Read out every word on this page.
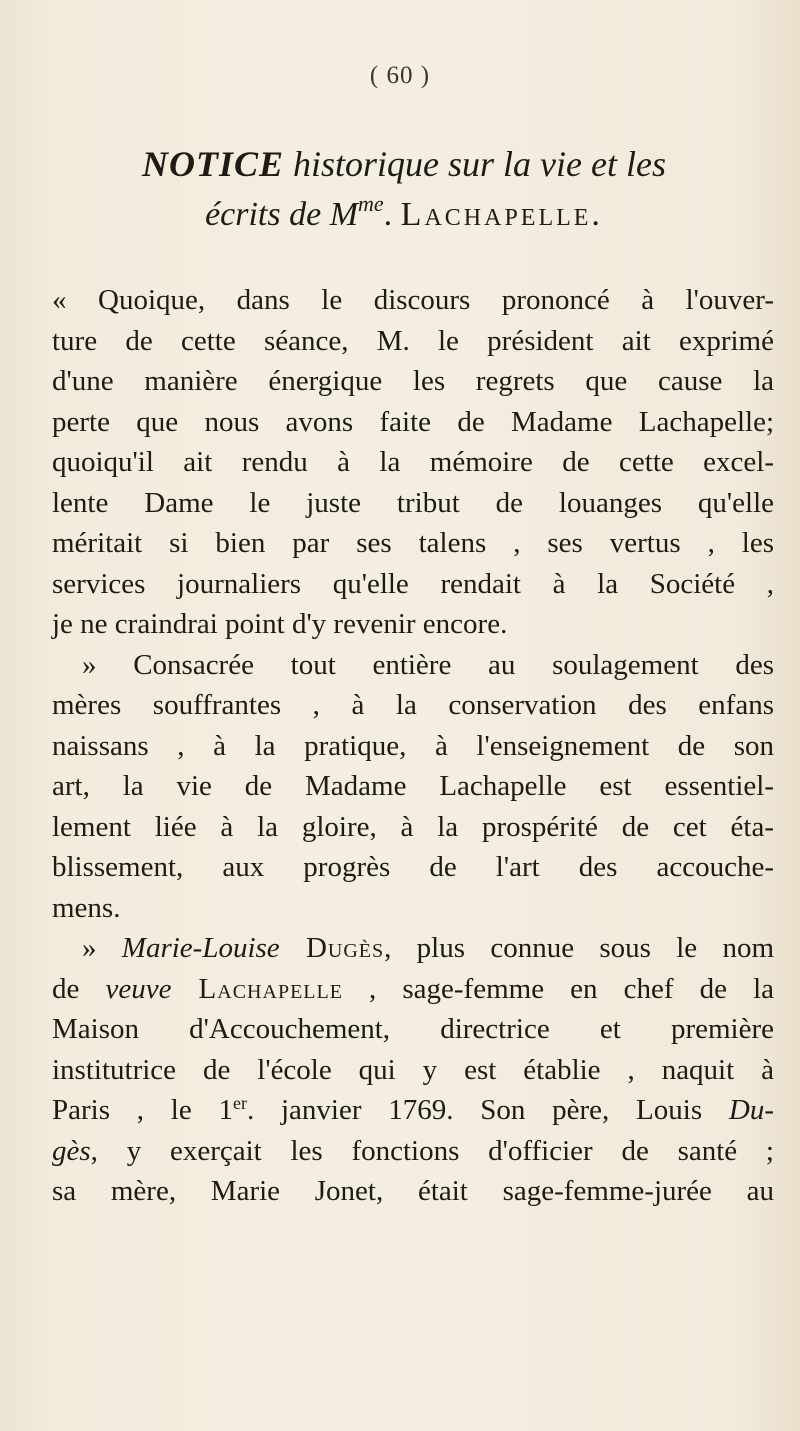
( 60 )

NOTICE historique sur la vie et les

écrits de $M^{me}$. Lachapelle.

« Quoique, dans le discours prononcé à l'ouver-
ture de cette séance, M. le président ait exprimé
d'une manière énergique les regrets que cause la
perte que nous avons faite de Madame Lachapelle;
quoiqu'il ait rendu à la mémoire de cette excel-
lente Dame le juste tribut de louanges qu'elle
méritait si bien par ses talens , ses vertus , les
services journaliers qu'elle rendait à la Société ,
je ne craindrai point d'y revenir encore.
» Consacrée tout entière au soulagement des
mères souffrantes , à la conservation des enfans
naissans , à la pratique, à l'enseignement de son
art, la vie de Madame Lachapelle est essentiel-
lement liée à la gloire, à la prospérité de cet éta-
blissement, aux progrès de l'art des accouche-
mens.
» Marie-Louise Dugès, plus connue sous le nom
de veuve Lachapelle , sage-femme en chef de la
Maison d'Accouchement, directrice et première
institutrice de l'école qui y est établie , naquit à
Paris , le 1er. janvier 1769. Son père, Louis Du-
gès, y exerçait les fonctions d'officier de santé ;
sa mère, Marie Jonet, était sage-femme-jurée au
